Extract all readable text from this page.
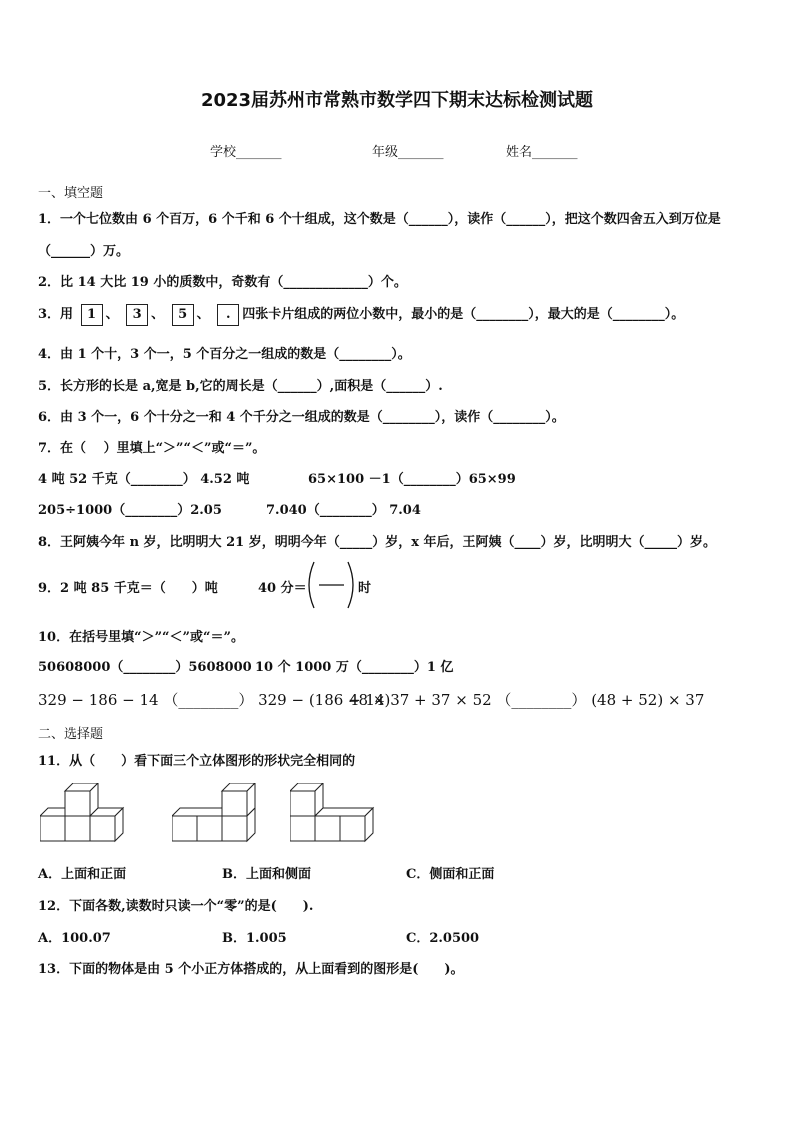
2023届苏州市常熟市数学四下期末达标检测试题
学校_______	年级_______	姓名_______
一、填空题
1．一个七位数由 6 个百万，6 个千和 6 个十组成，这个数是（______），读作（______），把这个数四舍五入到万位是
（______）万。
2．比 14 大比 19 小的质数中，奇数有（_____________）个。
3．用 1 、 3 、 5 、 . 四张卡片组成的两位小数中，最小的是（________），最大的是（________）。
4．由 1 个十，3 个一，5 个百分之一组成的数是（________）。
5．长方形的长是 a,宽是 b,它的周长是（______）,面积是（______）.
6．由 3 个一，6 个十分之一和 4 个千分之一组成的数是（________），读作（________）。
7．在（　 ）里填上“＞”“＜”或“＝”。
4 吨 52 千克（________） 4.52 吨	65×100 －1（________）65×99
205÷1000（________）2.05	7.040（________） 7.04
8．王阿姨今年 n 岁，比明明大 21 岁，明明今年（_____）岁，x 年后，王阿姨（____）岁，比明明大（_____）岁。
9．2 吨 85 千克＝（　　）吨	40 分＝	时
10．在括号里填“＞”“＜”或“＝”。
50608000（________）5608000 10 个 1000 万（________）1 亿
329 − 186 − 14 （________） 329 − (186 − 14)
48 × 37 + 37 × 52 （________） (48 + 52) × 37
二、选择题
11．从（　　）看下面三个立体图形的形状完全相同的
A．上面和正面	B．上面和侧面	C．侧面和正面
12．下面各数,读数时只读一个“零”的是(　　).
A．100.07	B．1.005	C．2.0500
13．下面的物体是由 5 个小正方体搭成的，从上面看到的图形是(　　)。
